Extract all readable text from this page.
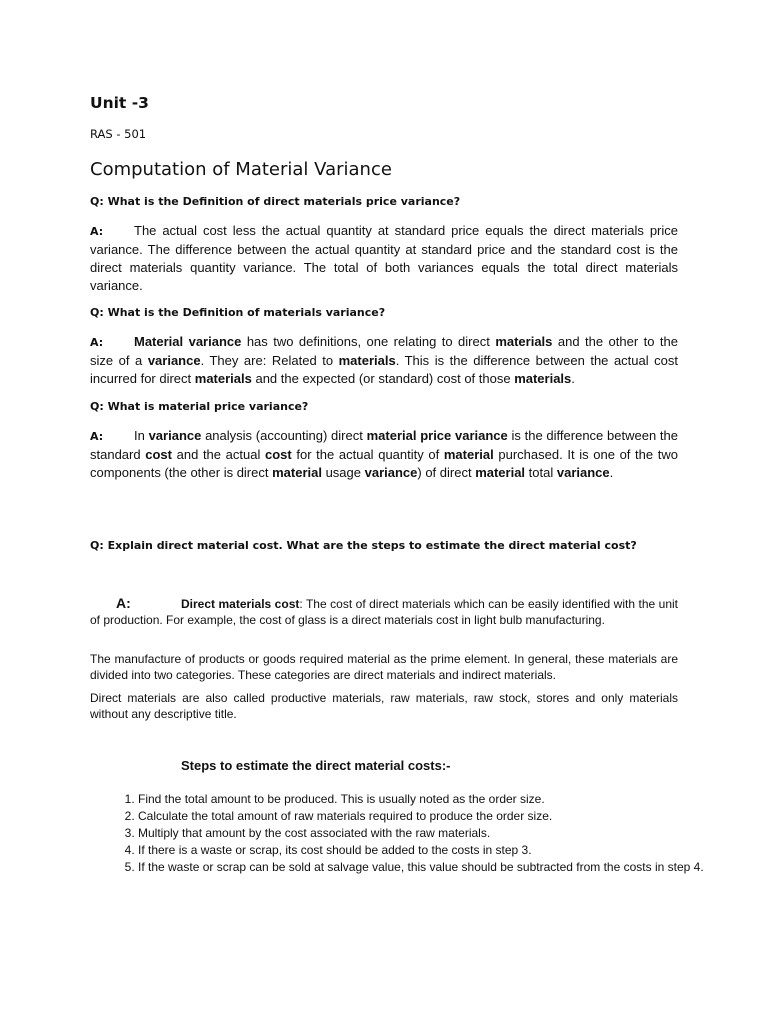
Unit -3
RAS - 501
Computation of Material Variance
Q: What is the Definition of direct materials price variance?
A: The actual cost less the actual quantity at standard price equals the direct materials price variance. The difference between the actual quantity at standard price and the standard cost is the direct materials quantity variance. The total of both variances equals the total direct materials variance.
Q: What is the Definition of materials variance?
A: Material variance has two definitions, one relating to direct materials and the other to the size of a variance. They are: Related to materials. This is the difference between the actual cost incurred for direct materials and the expected (or standard) cost of those materials.
Q: What is material price variance?
A: In variance analysis (accounting) direct material price variance is the difference between the standard cost and the actual cost for the actual quantity of material purchased. It is one of the two components (the other is direct material usage variance) of direct material total variance.
Q: Explain direct material cost. What are the steps to estimate the direct material cost?
A:	Direct materials cost: The cost of direct materials which can be easily identified with the unit of production. For example, the cost of glass is a direct materials cost in light bulb manufacturing.
The manufacture of products or goods required material as the prime element. In general, these materials are divided into two categories. These categories are direct materials and indirect materials.
Direct materials are also called productive materials, raw materials, raw stock, stores and only materials without any descriptive title.
Steps to estimate the direct material costs:-
1. Find the total amount to be produced. This is usually noted as the order size.
2. Calculate the total amount of raw materials required to produce the order size.
3. Multiply that amount by the cost associated with the raw materials.
4. If there is a waste or scrap, its cost should be added to the costs in step 3.
5. If the waste or scrap can be sold at salvage value, this value should be subtracted from the costs in step 4.
